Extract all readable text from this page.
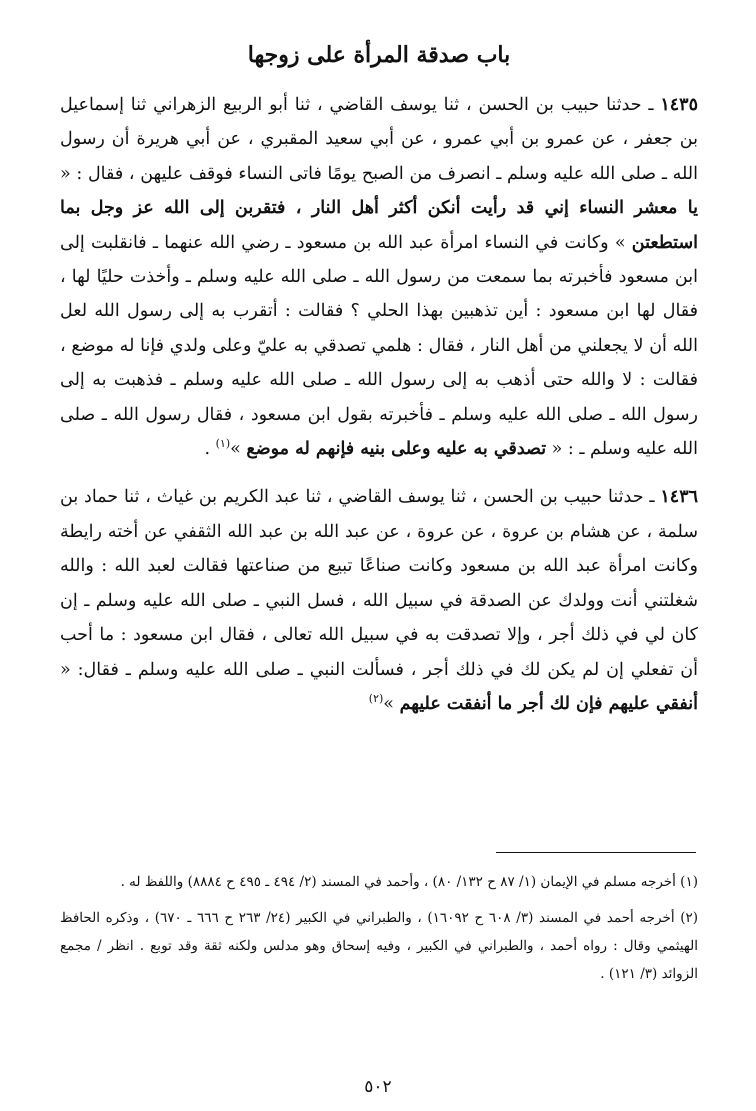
باب صدقة المرأة على زوجها

١٤٣٥ ـ حدثنا حبيب بن الحسن ، ثنا يوسف القاضي ، ثنا أبو الربيع الزهراني ثنا إسماعيل بن جعفر ، عن عمرو بن أبي عمرو ، عن أبي سعيد المقبري ، عن أبي هريرة أن رسول الله ـ صلى الله عليه وسلم ـ انصرف من الصبح يومًا فاتى النساء فوقف عليهن ، فقال : « يا معشر النساء إني قد رأيت أنكن أكثر أهل النار ، فتقربن إلى الله عز وجل بما استطعتن » وكانت في النساء امرأة عبد الله بن مسعود ـ رضي الله عنهما ـ فانقلبت إلى ابن مسعود فأخبرته بما سمعت من رسول الله ـ صلى الله عليه وسلم ـ وأخذت حليًا لها ، فقال لها ابن مسعود : أين تذهبين بهذا الحلي ؟ فقالت : أتقرب به إلى رسول الله لعل الله أن لا يجعلني من أهل النار ، فقال : هلمي تصدقي به عليّ وعلى ولدي فإنا له موضع ، فقالت : لا والله حتى أذهب به إلى رسول الله ـ صلى الله عليه وسلم ـ فذهبت به إلى رسول الله ـ صلى الله عليه وسلم ـ فأخبرته بقول ابن مسعود ، فقال رسول الله ـ صلى الله عليه وسلم ـ : « تصدقي به عليه وعلى بنيه فإنهم له موضع »$^{(١)}$ .

١٤٣٦ ـ حدثنا حبيب بن الحسن ، ثنا يوسف القاضي ، ثنا عبد الكريم بن غياث ، ثنا حماد بن سلمة ، عن هشام بن عروة ، عن عروة ، عن عبد الله بن عبد الله الثقفي عن أخته رايطة وكانت امرأة عبد الله بن مسعود وكانت صناعًا تبيع من صناعتها فقالت لعبد الله : والله شغلتني أنت وولدك عن الصدقة في سبيل الله ، فسل النبي ـ صلى الله عليه وسلم ـ إن كان لي في ذلك أجر ، وإلا تصدقت به في سبيل الله تعالى ، فقال ابن مسعود : ما أحب أن تفعلي إن لم يكن لك في ذلك أجر ، فسألت النبي ـ صلى الله عليه وسلم ـ فقال: « أنفقي عليهم فإن لك أجر ما أنفقت عليهم »$^{(٢)}$

(١) أخرجه مسلم في الإيمان (١/ ٨٧ ح ١٣٢/ ٨٠) ، وأحمد في المسند (٢/ ٤٩٤ ـ ٤٩٥ ح ٨٨٨٤) واللفظ له .

(٢) أخرجه أحمد في المسند (٣/ ٦٠٨ ح ١٦٠٩٢) ، والطبراني في الكبير (٢٤/ ٢٦٣ ح ٦٦٦ ـ ٦٧٠) ، وذكره الحافظ الهيثمي وقال : رواه أحمد ، والطبراني في الكبير ، وفيه إسحاق وهو مدلس ولكنه ثقة وقد توبع . انظر / مجمع الزوائد (٣/ ١٢١) .

٥٠٢
